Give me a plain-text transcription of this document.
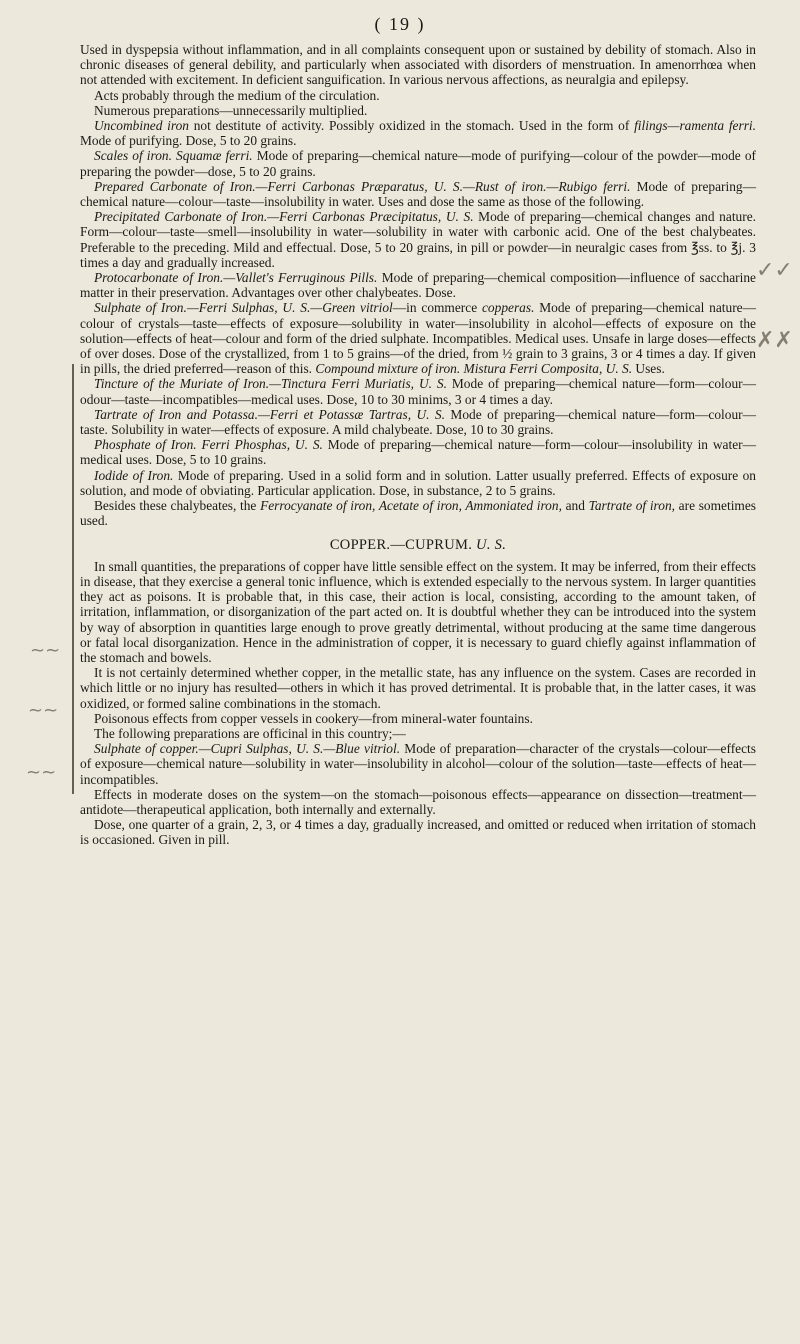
( 19 )

Used in dyspepsia without inflammation, and in all complaints consequent upon or sustained by debility of stomach. Also in chronic diseases of general debility, and particularly when associated with disorders of menstruation. In amenorrhœa when not attended with excitement. In deficient sanguification. In various nervous affections, as neuralgia and epilepsy.

Acts probably through the medium of the circulation.

Numerous preparations—unnecessarily multiplied.

Uncombined iron not destitute of activity. Possibly oxidized in the stomach. Used in the form of filings—ramenta ferri. Mode of purifying. Dose, 5 to 20 grains.

Scales of iron. Squamæ ferri. Mode of preparing—chemical nature—mode of purifying—colour of the powder—mode of preparing the powder—dose, 5 to 20 grains.

Prepared Carbonate of Iron.—Ferri Carbonas Præparatus, U. S.—Rust of iron.—Rubigo ferri. Mode of preparing—chemical nature—colour—taste—insolubility in water. Uses and dose the same as those of the following.

Precipitated Carbonate of Iron.—Ferri Carbonas Præcipitatus, U. S. Mode of preparing—chemical changes and nature. Form—colour—taste—smell—insolubility in water—solubility in water with carbonic acid. One of the best chalybeates. Preferable to the preceding. Mild and effectual. Dose, 5 to 20 grains, in pill or powder—in neuralgic cases from ℥ss. to ℥j. 3 times a day and gradually increased.

Protocarbonate of Iron.—Vallet's Ferruginous Pills. Mode of preparing—chemical composition—influence of saccharine matter in their preservation. Advantages over other chalybeates. Dose.

Sulphate of Iron.—Ferri Sulphas, U. S.—Green vitriol—in commerce copperas. Mode of preparing—chemical nature—colour of crystals—taste—effects of exposure—solubility in water—insolubility in alcohol—effects of exposure on the solution—effects of heat—colour and form of the dried sulphate. Incompatibles. Medical uses. Unsafe in large doses—effects of over doses. Dose of the crystallized, from 1 to 5 grains—of the dried, from ½ grain to 3 grains, 3 or 4 times a day. If given in pills, the dried preferred—reason of this. Compound mixture of iron. Mistura Ferri Composita, U. S. Uses.

Tincture of the Muriate of Iron.—Tinctura Ferri Muriatis, U. S. Mode of preparing—chemical nature—form—colour—odour—taste—incompatibles—medical uses. Dose, 10 to 30 minims, 3 or 4 times a day.

Tartrate of Iron and Potassa.—Ferri et Potassæ Tartras, U. S. Mode of preparing—chemical nature—form—colour—taste. Solubility in water—effects of exposure. A mild chalybeate. Dose, 10 to 30 grains.

Phosphate of Iron. Ferri Phosphas, U. S. Mode of preparing—chemical nature—form—colour—insolubility in water—medical uses. Dose, 5 to 10 grains.

Iodide of Iron. Mode of preparing. Used in a solid form and in solution. Latter usually preferred. Effects of exposure on solution, and mode of obviating. Particular application. Dose, in substance, 2 to 5 grains.

Besides these chalybeates, the Ferrocyanate of iron, Acetate of iron, Ammoniated iron, and Tartrate of iron, are sometimes used.

COPPER.—CUPRUM. U. S.

In small quantities, the preparations of copper have little sensible effect on the system. It may be inferred, from their effects in disease, that they exercise a general tonic influence, which is extended especially to the nervous system. In larger quantities they act as poisons. It is probable that, in this case, their action is local, consisting, according to the amount taken, of irritation, inflammation, or disorganization of the part acted on. It is doubtful whether they can be introduced into the system by way of absorption in quantities large enough to prove greatly detrimental, without producing at the same time dangerous or fatal local disorganization. Hence in the administration of copper, it is necessary to guard chiefly against inflammation of the stomach and bowels.

It is not certainly determined whether copper, in the metallic state, has any influence on the system. Cases are recorded in which little or no injury has resulted—others in which it has proved detrimental. It is probable that, in the latter cases, it was oxidized, or formed saline combinations in the stomach.

Poisonous effects from copper vessels in cookery—from mineral-water fountains.

The following preparations are officinal in this country;—

Sulphate of copper.—Cupri Sulphas, U. S.—Blue vitriol. Mode of preparation—character of the crystals—colour—effects of exposure—chemical nature—solubility in water—insolubility in alcohol—colour of the solution—taste—effects of heat—incompatibles.

Effects in moderate doses on the system—on the stomach—poisonous effects—appearance on dissection—treatment—antidote—therapeutical application, both internally and externally.

Dose, one quarter of a grain, 2, 3, or 4 times a day, gradually increased, and omitted or reduced when irritation of stomach is occasioned. Given in pill.

✓✓
✗✗
~~
~~
~~
